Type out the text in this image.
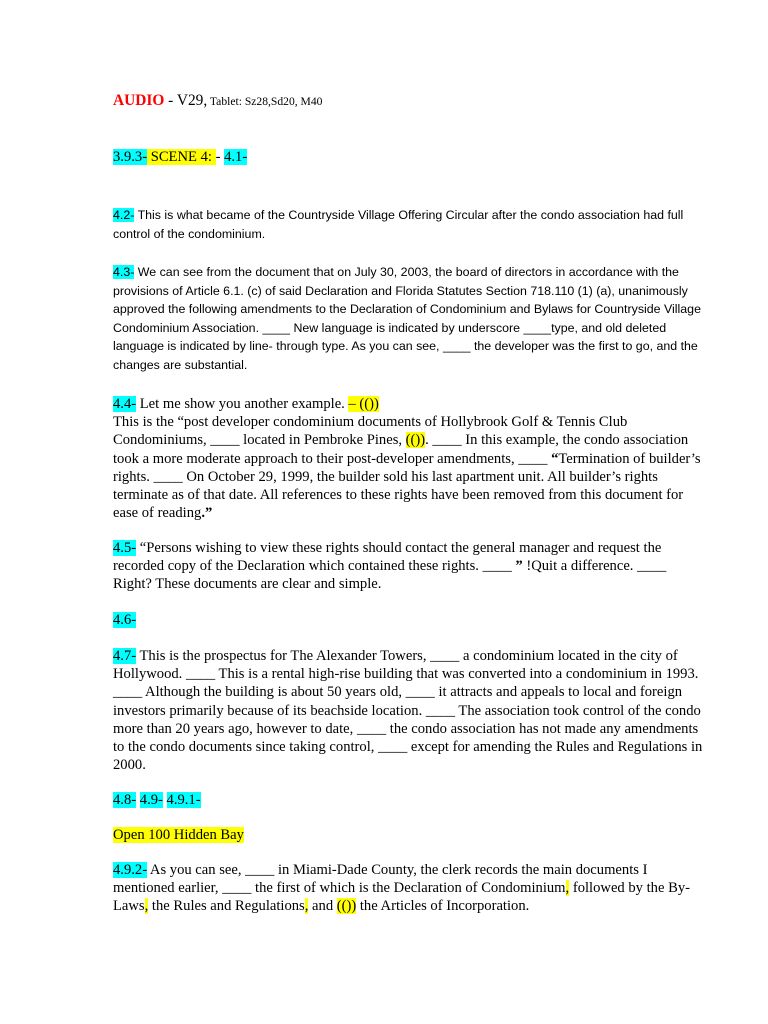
AUDIO - V29, Tablet: Sz28,Sd20, M40

3.9.3- SCENE 4: - 4.1-

4.2- This is what became of the Countryside Village Offering Circular after the condo association had full control of the condominium.

4.3- We can see from the document that on July 30, 2003, the board of directors in accordance with the provisions of Article 6.1. (c) of said Declaration and Florida Statutes Section 718.110 (1) (a), unanimously approved the following amendments to the Declaration of Condominium and Bylaws for Countryside Village Condominium Association. ____ New language is indicated by underscore ____type, and old deleted language is indicated by line- through type. As you can see, ____ the developer was the first to go, and the changes are substantial.

4.4- Let me show you another example. – (())
This is the “post developer condominium documents of Hollybrook Golf & Tennis Club Condominiums, ____ located in Pembroke Pines, (()). ____ In this example, the condo association took a more moderate approach to their post-developer amendments, ____ “Termination of builder’s rights. ____ On October 29, 1999, the builder sold his last apartment unit. All builder’s rights terminate as of that date. All references to these rights have been removed from this document for ease of reading.”

4.5- “Persons wishing to view these rights should contact the general manager and request the recorded copy of the Declaration which contained these rights. ____ ” !Quit a difference. ____ Right? These documents are clear and simple.

4.6-

4.7- This is the prospectus for The Alexander Towers, ____ a condominium located in the city of Hollywood. ____ This is a rental high-rise building that was converted into a condominium in 1993. ____ Although the building is about 50 years old, ____ it attracts and appeals to local and foreign investors primarily because of its beachside location. ____ The association took control of the condo more than 20 years ago, however to date, ____ the condo association has not made any amendments to the condo documents since taking control, ____ except for amending the Rules and Regulations in 2000.

4.8- 4.9- 4.9.1-

Open 100 Hidden Bay

4.9.2- As you can see, ____ in Miami-Dade County, the clerk records the main documents I mentioned earlier, ____ the first of which is the Declaration of Condominium, followed by the By-Laws, the Rules and Regulations, and (()) the Articles of Incorporation.
